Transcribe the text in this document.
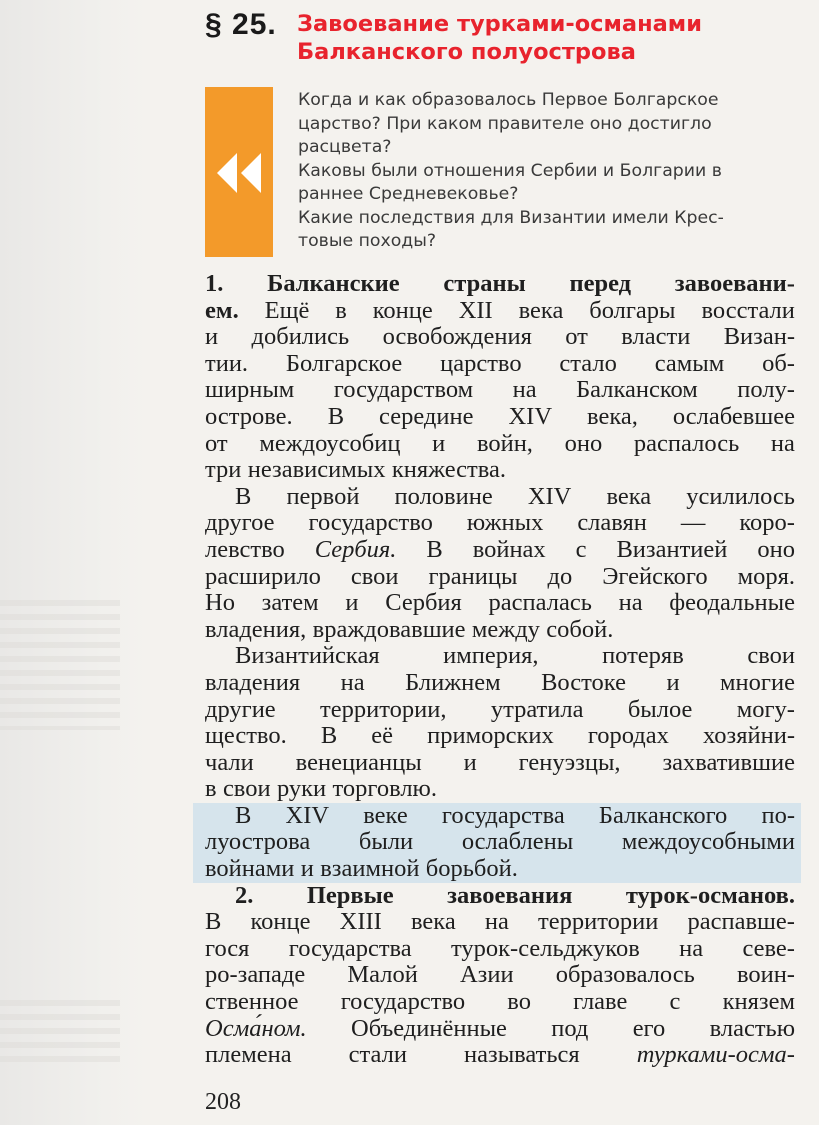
§ 25. Завоевание турками-османами
Балканского полуострова
Когда и как образовалось Первое Болгарское
царство? При каком правителе оно достигло
расцвета?
Каковы были отношения Сербии и Болгарии в
раннее Средневековье?
Какие последствия для Византии имели Крес-
товые походы?
1. Балканские страны перед завоевани-
ем. Ещё в конце XII века болгары восстали
и добились освобождения от власти Визан-
тии. Болгарское царство стало самым об-
ширным государством на Балканском полу-
острове. В середине XIV века, ослабевшее
от междоусобиц и войн, оно распалось на
три независимых княжества.
В первой половине XIV века усилилось
другое государство южных славян — коро-
левство Сербия. В войнах с Византией оно
расширило свои границы до Эгейского моря.
Но затем и Сербия распалась на феодальные
владения, враждовавшие между собой.
Византийская	империя,	потеряв	свои
владения на Ближнем Востоке и многие
другие территории, утратила былое могу-
щество. В её приморских городах хозяйни-
чали венецианцы и генуэзцы, захватившие
в свои руки торговлю.
В XIV веке государства Балканского по-
луострова были ослаблены междоусобными
войнами и взаимной борьбой.
2. Первые завоевания турок-османов.
В конце XIII века на территории распавше-
гося государства турок-сельджуков на севе-
ро-западе Малой Азии образовалось воин-
ственное государство во главе с князем
Осма́ном. Объединённые под его властью
племена стали называться турками-осма-
208
